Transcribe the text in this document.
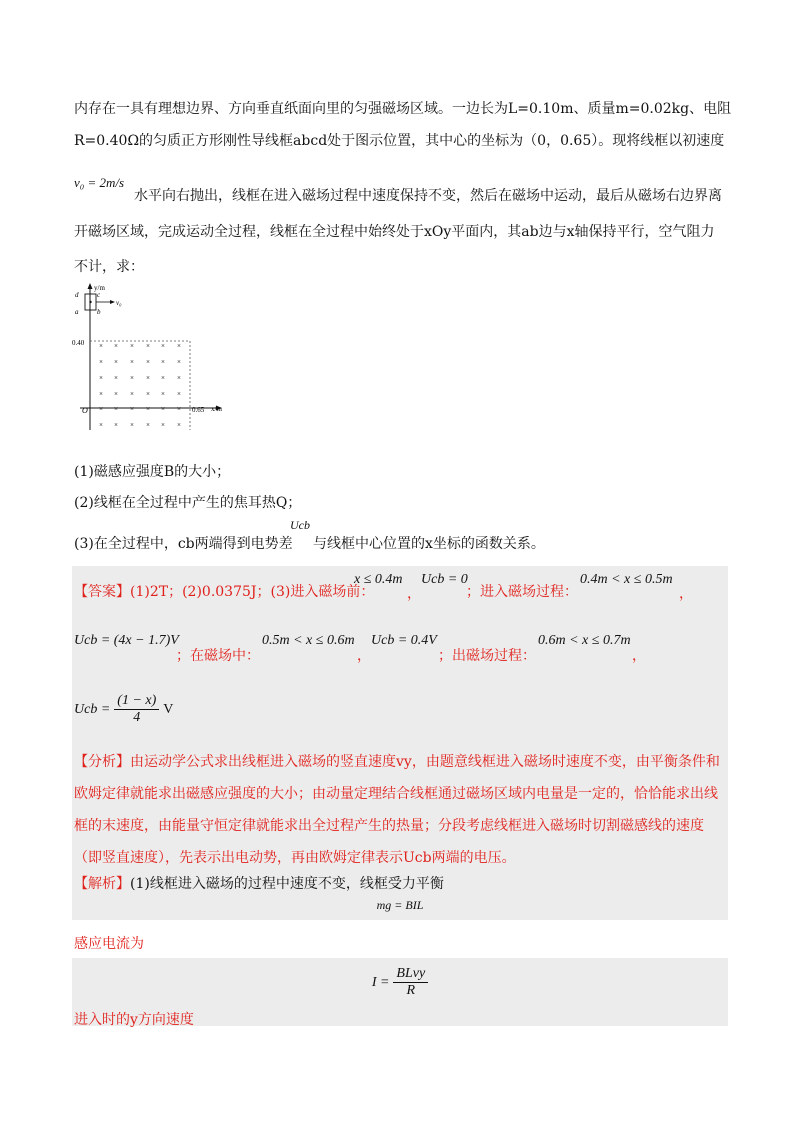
内存在一具有理想边界、方向垂直纸面向里的匀强磁场区域。一边长为L=0.10m、质量m=0.02kg、电阻
R=0.40Ω的匀质正方形刚性导线框abcd处于图示位置，其中心的坐标为（0，0.65）。现将线框以初速度
v₀ = 2m/s
水平向右抛出，线框在进入磁场过程中速度保持不变，然后在磁场中运动，最后从磁场右边界离
开磁场区域，完成运动全过程，线框在全过程中始终处于xOy平面内，其ab边与x轴保持平行，空气阻力
不计，求：
y/m
x/m
O
0.40
0.65
d	c
a	b
v₀
× × × × × ×
× × × × × ×
× × × × × ×
× × × × × ×
× × × × × ×
× × × × × ×
(1)磁感应强度B的大小；
(2)线框在全过程中产生的焦耳热Q；
(3)在全过程中，cb两端得到电势差
Ucb
与线框中心位置的x坐标的函数关系。
【答案】(1)2T；(2)0.0375J；(3)进入磁场前：
x ≤ 0.4m
，
Ucb = 0
；进入磁场过程：
0.4m < x ≤ 0.5m
，
Ucb = (4x − 1.7)V
；在磁场中：
0.5m < x ≤ 0.6m
，
Ucb = 0.4V
；出磁场过程：
0.6m < x ≤ 0.7m
，
Ucb = $\frac{(1 - x)}{4}$ V
【分析】由运动学公式求出线框进入磁场的竖直速度vy，由题意线框进入磁场时速度不变，由平衡条件和
欧姆定律就能求出磁感应强度的大小；由动量定理结合线框通过磁场区域内电量是一定的，恰恰能求出线
框的末速度，由能量守恒定律就能求出全过程产生的热量；分段考虑线框进入磁场时切割磁感线的速度
（即竖直速度），先表示出电动势，再由欧姆定律表示Ucb两端的电压。
【解析】(1)线框进入磁场的过程中速度不变，线框受力平衡
mg = BIL
感应电流为
$I = \frac{\text{BLvy}}{R}$
进入时的y方向速度
